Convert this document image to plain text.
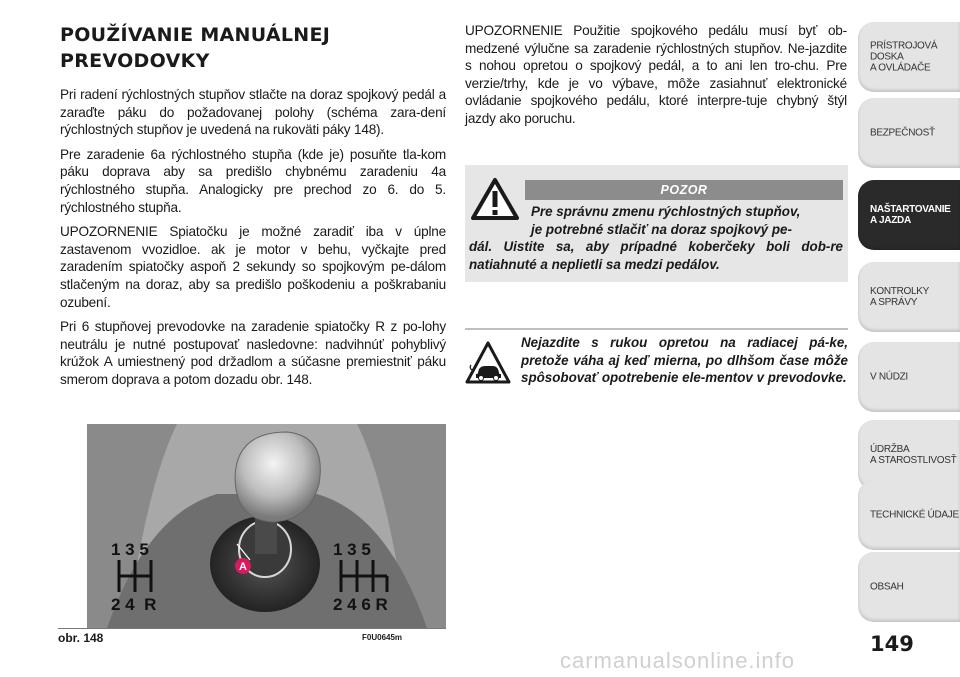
POUŽÍVANIE MANUÁLNEJ
PREVODOVKY

Pri radení rýchlostných stupňov stlačte na doraz spojkový pedál a zaraďte páku do požadovanej polohy (schéma zara-dení rýchlostných stupňov je uvedená na rukoväti páky 148).

Pre zaradenie 6a rýchlostného stupňa (kde je) posuňte tla-kom páku doprava aby sa predišlo chybnému zaradeniu 4a rýchlostného stupňa. Analogicky pre prechod zo 6. do 5. rýchlostného stupňa.

UPOZORNENIE Spiatočku je možné zaradiť iba v úplne zastavenom vvozidloe. ak je motor v behu, vyčkajte pred zaradením spiatočky aspoň 2 sekundy so spojkovým pe-dálom stlačeným na doraz, aby sa predišlo poškodeniu a poškrabaniu ozubení.

Pri 6 stupňovej prevodovke na zaradenie spiatočky R z po-lohy neutrálu je nutné postupovať nasledovne: nadvihnúť pohyblivý krúžok A umiestnený pod držadlom a súčasne premiestniť páku smerom doprava a potom dozadu obr. 148.

UPOZORNENIE Použitie spojkového pedálu musí byť ob-medzené výlučne sa zaradenie rýchlostných stupňov. Ne-jazdite s nohou opretou o spojkový pedál, a to ani len tro-chu. Pre verzie/trhy, kde je vo výbave, môže zasiahnuť elektronické ovládanie spojkového pedálu, ktoré interpre-tuje chybný štýl jazdy ako poruchu.

POZOR
Pre správnu zmenu rýchlostných stupňov,
je potrebné stlačiť na doraz spojkový pe-
dál. Uistite sa, aby prípadné koberčeky boli dob-re natiahnuté a neplietli sa medzi pedálov.
Nejazdite s rukou opretou na radiacej pá-ke, pretože váha aj keď mierna, po dlhšom čase môže spôsobovať opotrebenie ele-mentov v prevodovke.
A
1 3 5
2 4  R
1 3 5
2 4 6 R
obr. 148	F0U0645m
PRÍSTROJOVÁ
DOSKA
A OVLÁDAČE
BEZPEČNOSŤ
NAŠTARTOVANIE
A JAZDA
KONTROLKY
A SPRÁVY
V NÚDZI
ÚDRŽBA
A STAROSTLIVOSŤ
TECHNICKÉ ÚDAJE
OBSAH
149
carmanualsonline.info
